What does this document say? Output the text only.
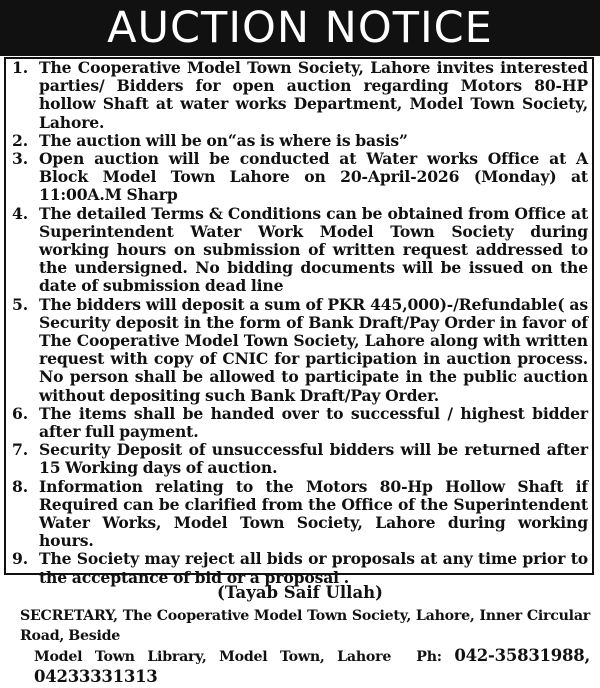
AUCTION NOTICE
1. The Cooperative Model Town Society, Lahore invites interested parties/ Bidders for open auction regarding Motors 80-HP hollow Shaft at water works Department, Model Town Society, Lahore.
2. The auction will be on“as is where is basis”
3. Open auction will be conducted at Water works Office at A Block Model Town Lahore on 20-April-2026 (Monday) at 11:00A.M Sharp
4. The detailed Terms & Conditions can be obtained from Office at Superintendent Water Work Model Town Society during working hours on submission of written request addressed to the undersigned. No bidding documents will be issued on the date of submission dead line
5. The bidders will deposit a sum of PKR 445,000)-/Refundable( as Security deposit in the form of Bank Draft/Pay Order in favor of The Cooperative Model Town Society, Lahore along with written request with copy of CNIC for participation in auction process. No person shall be allowed to participate in the public auction without depositing such Bank Draft/Pay Order.
6. The items shall be handed over to successful / highest bidder after full payment.
7. Security Deposit of unsuccessful bidders will be returned after 15 Working days of auction.
8. Information relating to the Motors 80-Hp Hollow Shaft if Required can be clarified from the Office of the Superintendent Water Works, Model Town Society, Lahore during working hours.
9. The Society may reject all bids or proposals at any time prior to the acceptance of bid or a proposal .
(Tayab Saif Ullah)
SECRETARY, The Cooperative Model Town Society, Lahore, Inner Circular Road, Beside
Model Town Library, Model Town, Lahore Ph: 042-35831988, 04233331313
